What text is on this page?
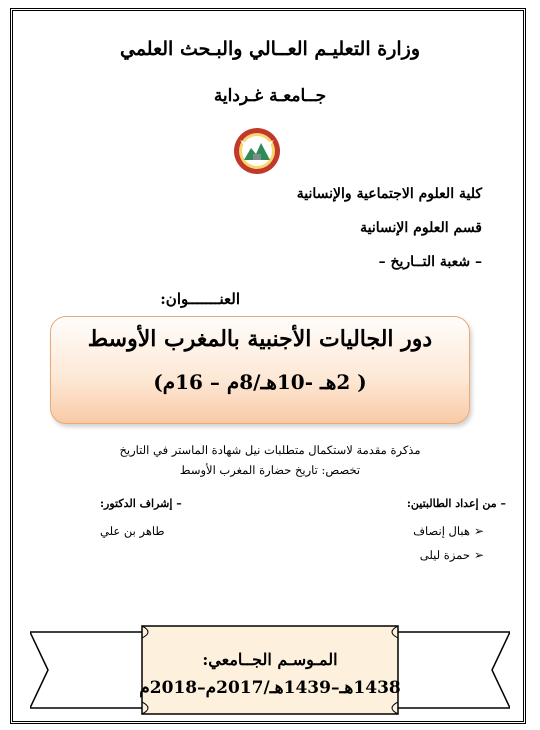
وزارة التعليـم العــالي والبـحث العلمي
جــامعـة غـرداية
كلية العلوم الاجتماعية والإنسانية
قسم العلوم الإنسانية
– شعبة التــاريخ –
العنـــــــوان:
دور الجاليات الأجنبية بالمغرب الأوسط
( 2هـ -10هـ/8م – 16م)
مذكرة مقدمة لاستكمال متطلبات نيل شهادة الماستر في التاريخ
تخصص: تاريخ حضارة المغرب الأوسط
– من إعداد الطالبتين:
– إشراف الدكتور:
➢هبال إنصاف
➢حمزة ليلى
طاهر بن علي
المـوسـم الجــامعي:
1438هـ–1439هـ/2017م–2018م
